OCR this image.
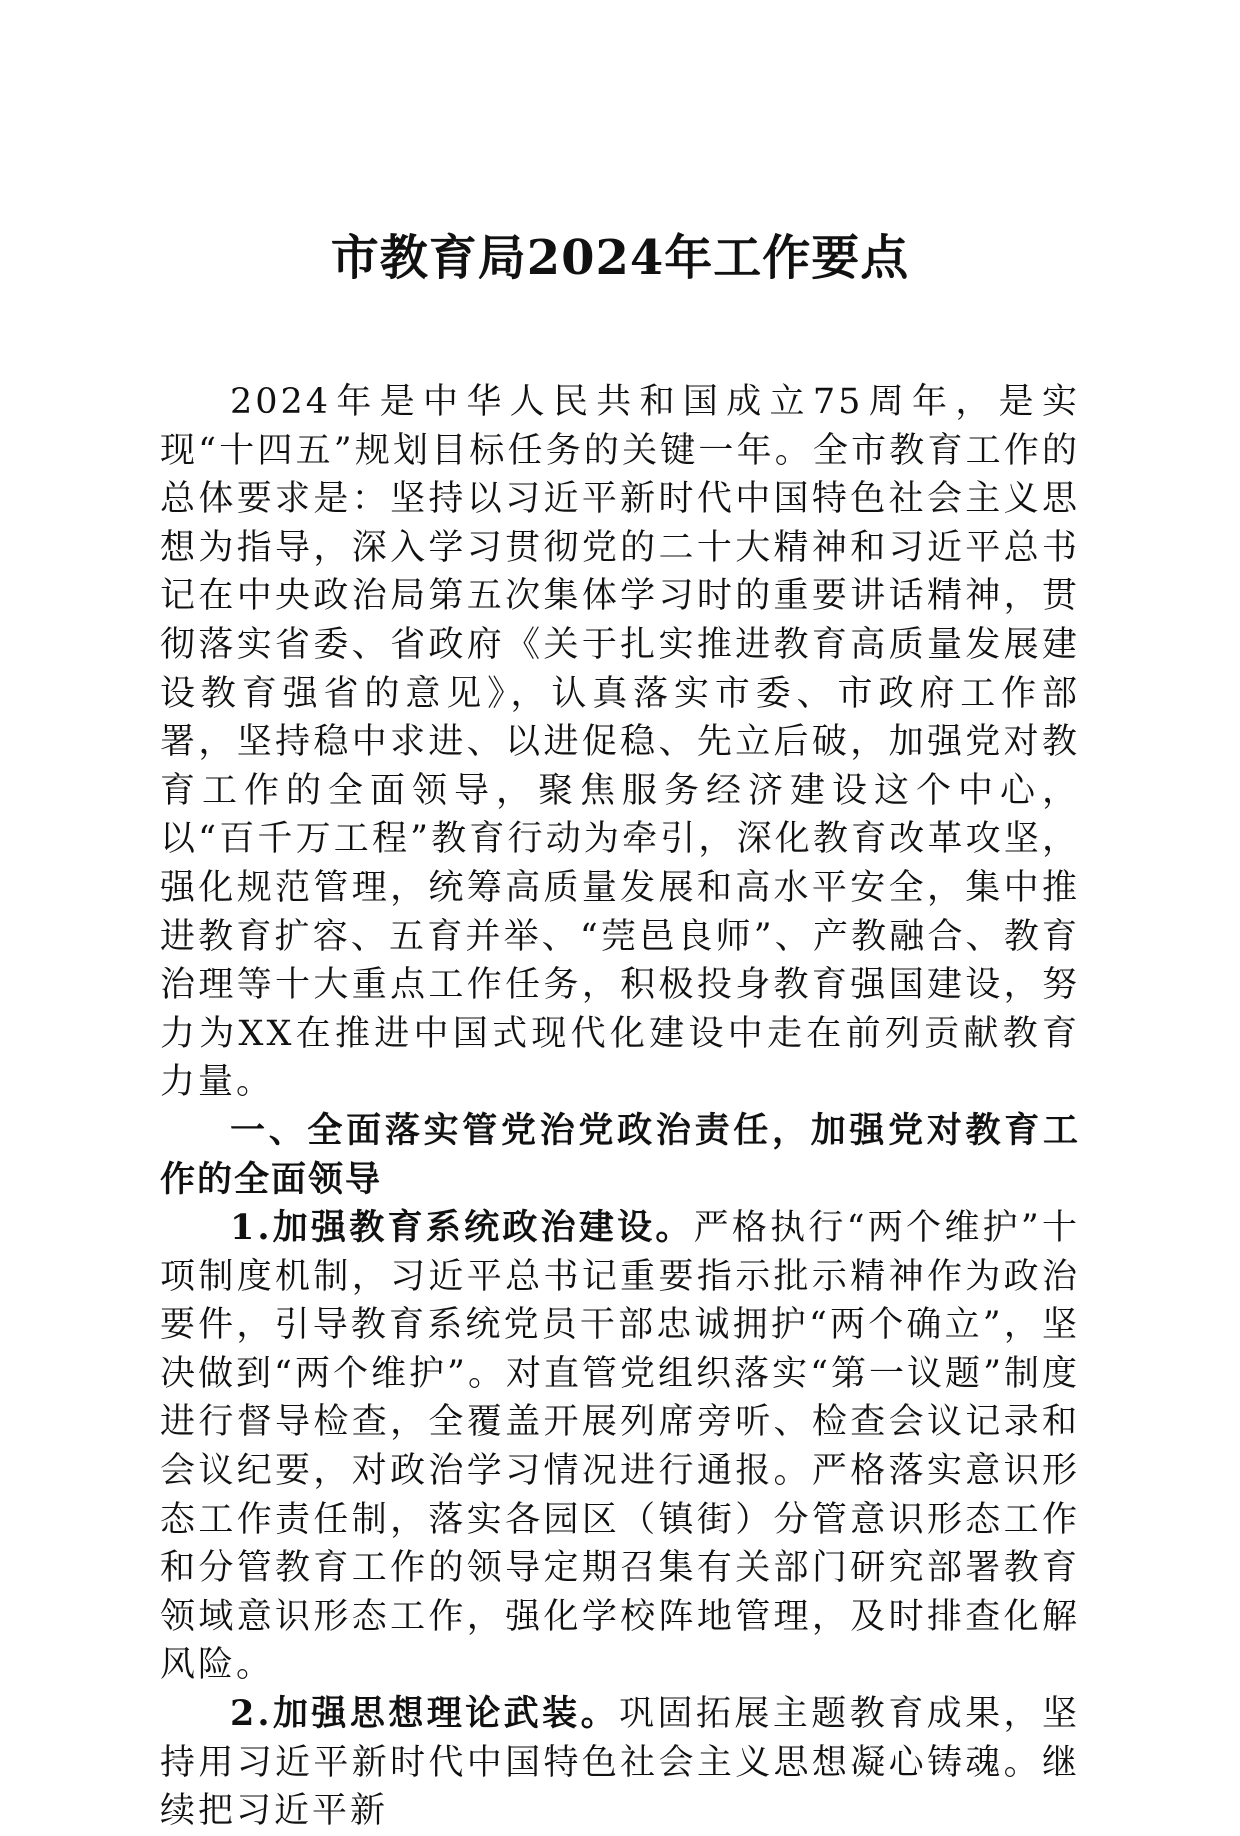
市教育局2024年工作要点

2024年是中华人民共和国成立75周年，是实现“十四五”规划目标任务的关键一年。全市教育工作的总体要求是：坚持以习近平新时代中国特色社会主义思想为指导，深入学习贯彻党的二十大精神和习近平总书记在中央政治局第五次集体学习时的重要讲话精神，贯彻落实省委、省政府《关于扎实推进教育高质量发展建设教育强省的意见》，认真落实市委、市政府工作部署，坚持稳中求进、以进促稳、先立后破，加强党对教育工作的全面领导，聚焦服务经济建设这个中心，以“百千万工程”教育行动为牵引，深化教育改革攻坚，强化规范管理，统筹高质量发展和高水平安全，集中推进教育扩容、五育并举、“莞邑良师”、产教融合、教育治理等十大重点工作任务，积极投身教育强国建设，努力为XX在推进中国式现代化建设中走在前列贡献教育力量。

一、全面落实管党治党政治责任，加强党对教育工作的全面领导

1.加强教育系统政治建设。严格执行“两个维护”十项制度机制，习近平总书记重要指示批示精神作为政治要件，引导教育系统党员干部忠诚拥护“两个确立”，坚决做到“两个维护”。对直管党组织落实“第一议题”制度进行督导检查，全覆盖开展列席旁听、检查会议记录和会议纪要，对政治学习情况进行通报。严格落实意识形态工作责任制，落实各园区（镇街）分管意识形态工作和分管教育工作的领导定期召集有关部门研究部署教育领域意识形态工作，强化学校阵地管理，及时排查化解风险。

2.加强思想理论武装。巩固拓展主题教育成果，坚持用习近平新时代中国特色社会主义思想凝心铸魂。继续把习近平新
